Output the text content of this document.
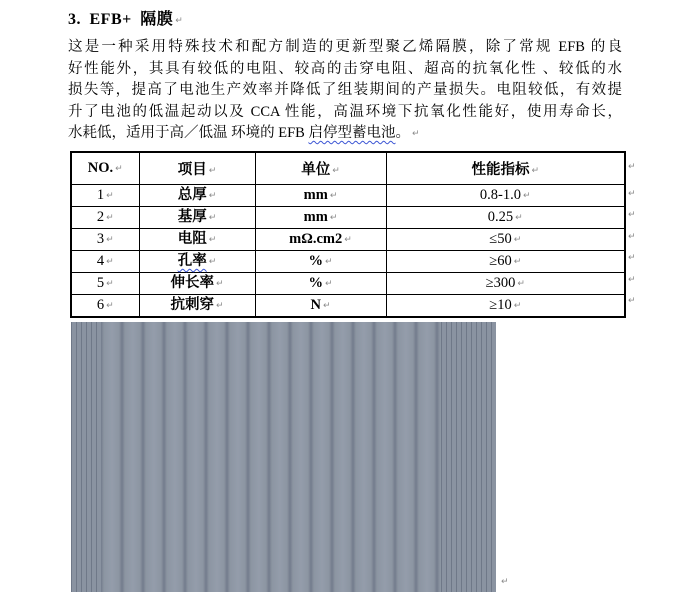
3. EFB+ 隔膜 ↵
这是一种采用特殊技术和配方制造的更新型聚乙烯隔膜，除了常规 EFB 的良
好性能外，其具有较低的电阻、较高的击穿电阻、超高的抗氧化性 、较低的水
损失等，提高了电池生产效率并降低了组装期间的产量损失。电阻较低，有效提
升了电池的低温起动以及 CCA 性能，高温环境下抗氧化性能好，使用寿命长，
水耗低，适用于高／低温 环境的 EFB 启停型蓄电池。 ↵
NO. ↵	项目 ↵	单位 ↵	性能指标 ↵
1 ↵	总厚 ↵	mm ↵	0.8-1.0 ↵
2 ↵	基厚 ↵	mm ↵	0.25 ↵
3 ↵	电阻 ↵	mΩ.cm2 ↵	≤50 ↵
4 ↵	孔率 ↵	% ↵	≥60 ↵
5 ↵	伸长率 ↵	% ↵	≥300 ↵
6 ↵	抗刺穿 ↵	N ↵	≥10 ↵
↵
↵
↵
↵
↵
↵
↵
↵
